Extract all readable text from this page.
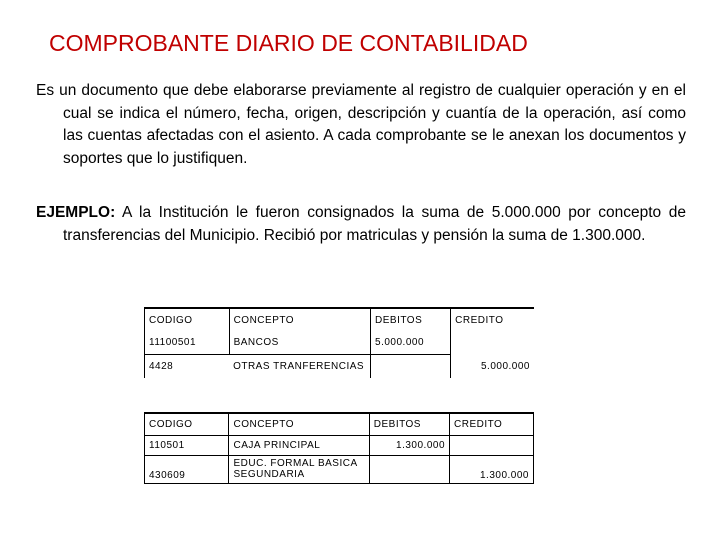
COMPROBANTE DIARIO DE CONTABILIDAD
Es un documento que debe elaborarse previamente al registro de cualquier operación y en el cual se indica el número, fecha, origen, descripción y cuantía de la operación, así como las cuentas afectadas con el asiento. A cada comprobante se le anexan los documentos y soportes que lo justifiquen.
EJEMPLO: A la Institución le fueron consignados la suma de 5.000.000 por concepto de transferencias del Municipio. Recibió por matriculas y pensión la suma de 1.300.000.
CODIGO	CONCEPTO	DEBITOS	CREDITO
11100501	BANCOS	5.000.000	
4428	OTRAS TRANFERENCIAS		5.000.000
CODIGO	CONCEPTO	DEBITOS	CREDITO
110501	CAJA PRINCIPAL	1.300.000	
430609	EDUC. FORMAL BASICA
SEGUNDARIA		1.300.000
